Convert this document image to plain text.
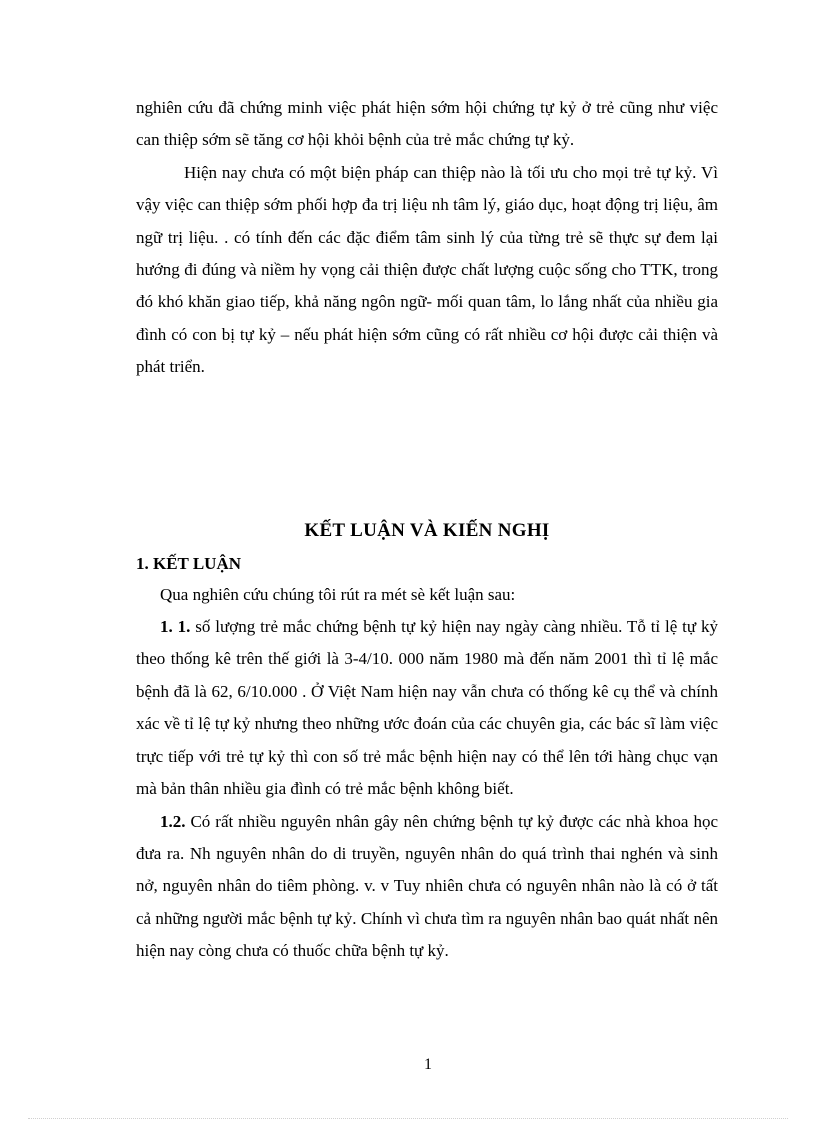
nghiên cứu đã chứng minh việc phát hiện sớm hội chứng tự kỷ ở trẻ cũng như việc can thiệp sớm sẽ tăng cơ hội khỏi bệnh của trẻ mắc chứng tự kỷ.

Hiện nay chưa có một biện pháp can thiệp nào là tối ưu cho mọi trẻ tự kỷ. Vì vậy việc can thiệp sớm phối hợp đa trị liệu nh tâm lý, giáo dục, hoạt động trị liệu, âm ngữ trị liệu. . có tính đến các đặc điểm tâm sinh lý của từng trẻ sẽ thực sự đem lại hướng đi đúng và niềm hy vọng cải thiện được chất lượng cuộc sống cho TTK, trong đó khó khăn giao tiếp, khả năng ngôn ngữ- mối quan tâm, lo lắng nhất của nhiều gia đình có con bị tự kỷ – nếu phát hiện sớm cũng có rất nhiều cơ hội được cải thiện và phát triển.

KẾT LUẬN VÀ KIẾN NGHỊ
1. KẾT LUẬN

Qua nghiên cứu chúng tôi rút ra mét sè kết luận sau:

1. 1. số lượng trẻ mắc chứng bệnh tự kỷ hiện nay ngày càng nhiều. Tỗ tỉ lệ tự kỷ theo thống kê trên thế giới là 3-4/10. 000 năm 1980 mà đến năm 2001 thì tỉ lệ mắc bệnh đã là 62, 6/10.000 . Ở Việt Nam hiện nay vẫn chưa có thống kê cụ thể và chính xác về tỉ lệ tự kỷ nhưng theo những ước đoán của các chuyên gia, các bác sĩ làm việc trực tiếp với trẻ tự kỷ thì con số trẻ mắc bệnh hiện nay có thể lên tới hàng chục vạn mà bản thân nhiều gia đình có trẻ mắc bệnh không biết.

1.2. Có rất nhiều nguyên nhân gây nên chứng bệnh tự kỷ được các nhà khoa học đưa ra. Nh nguyên nhân do di truyền, nguyên nhân do quá trình thai nghén và sinh nở, nguyên nhân do tiêm phòng. v. v Tuy nhiên chưa có nguyên nhân nào là có ở tất cả những người mắc bệnh tự kỷ. Chính vì chưa tìm ra nguyên nhân bao quát nhất nên hiện nay còng chưa có thuốc chữa bệnh tự kỷ.

1
